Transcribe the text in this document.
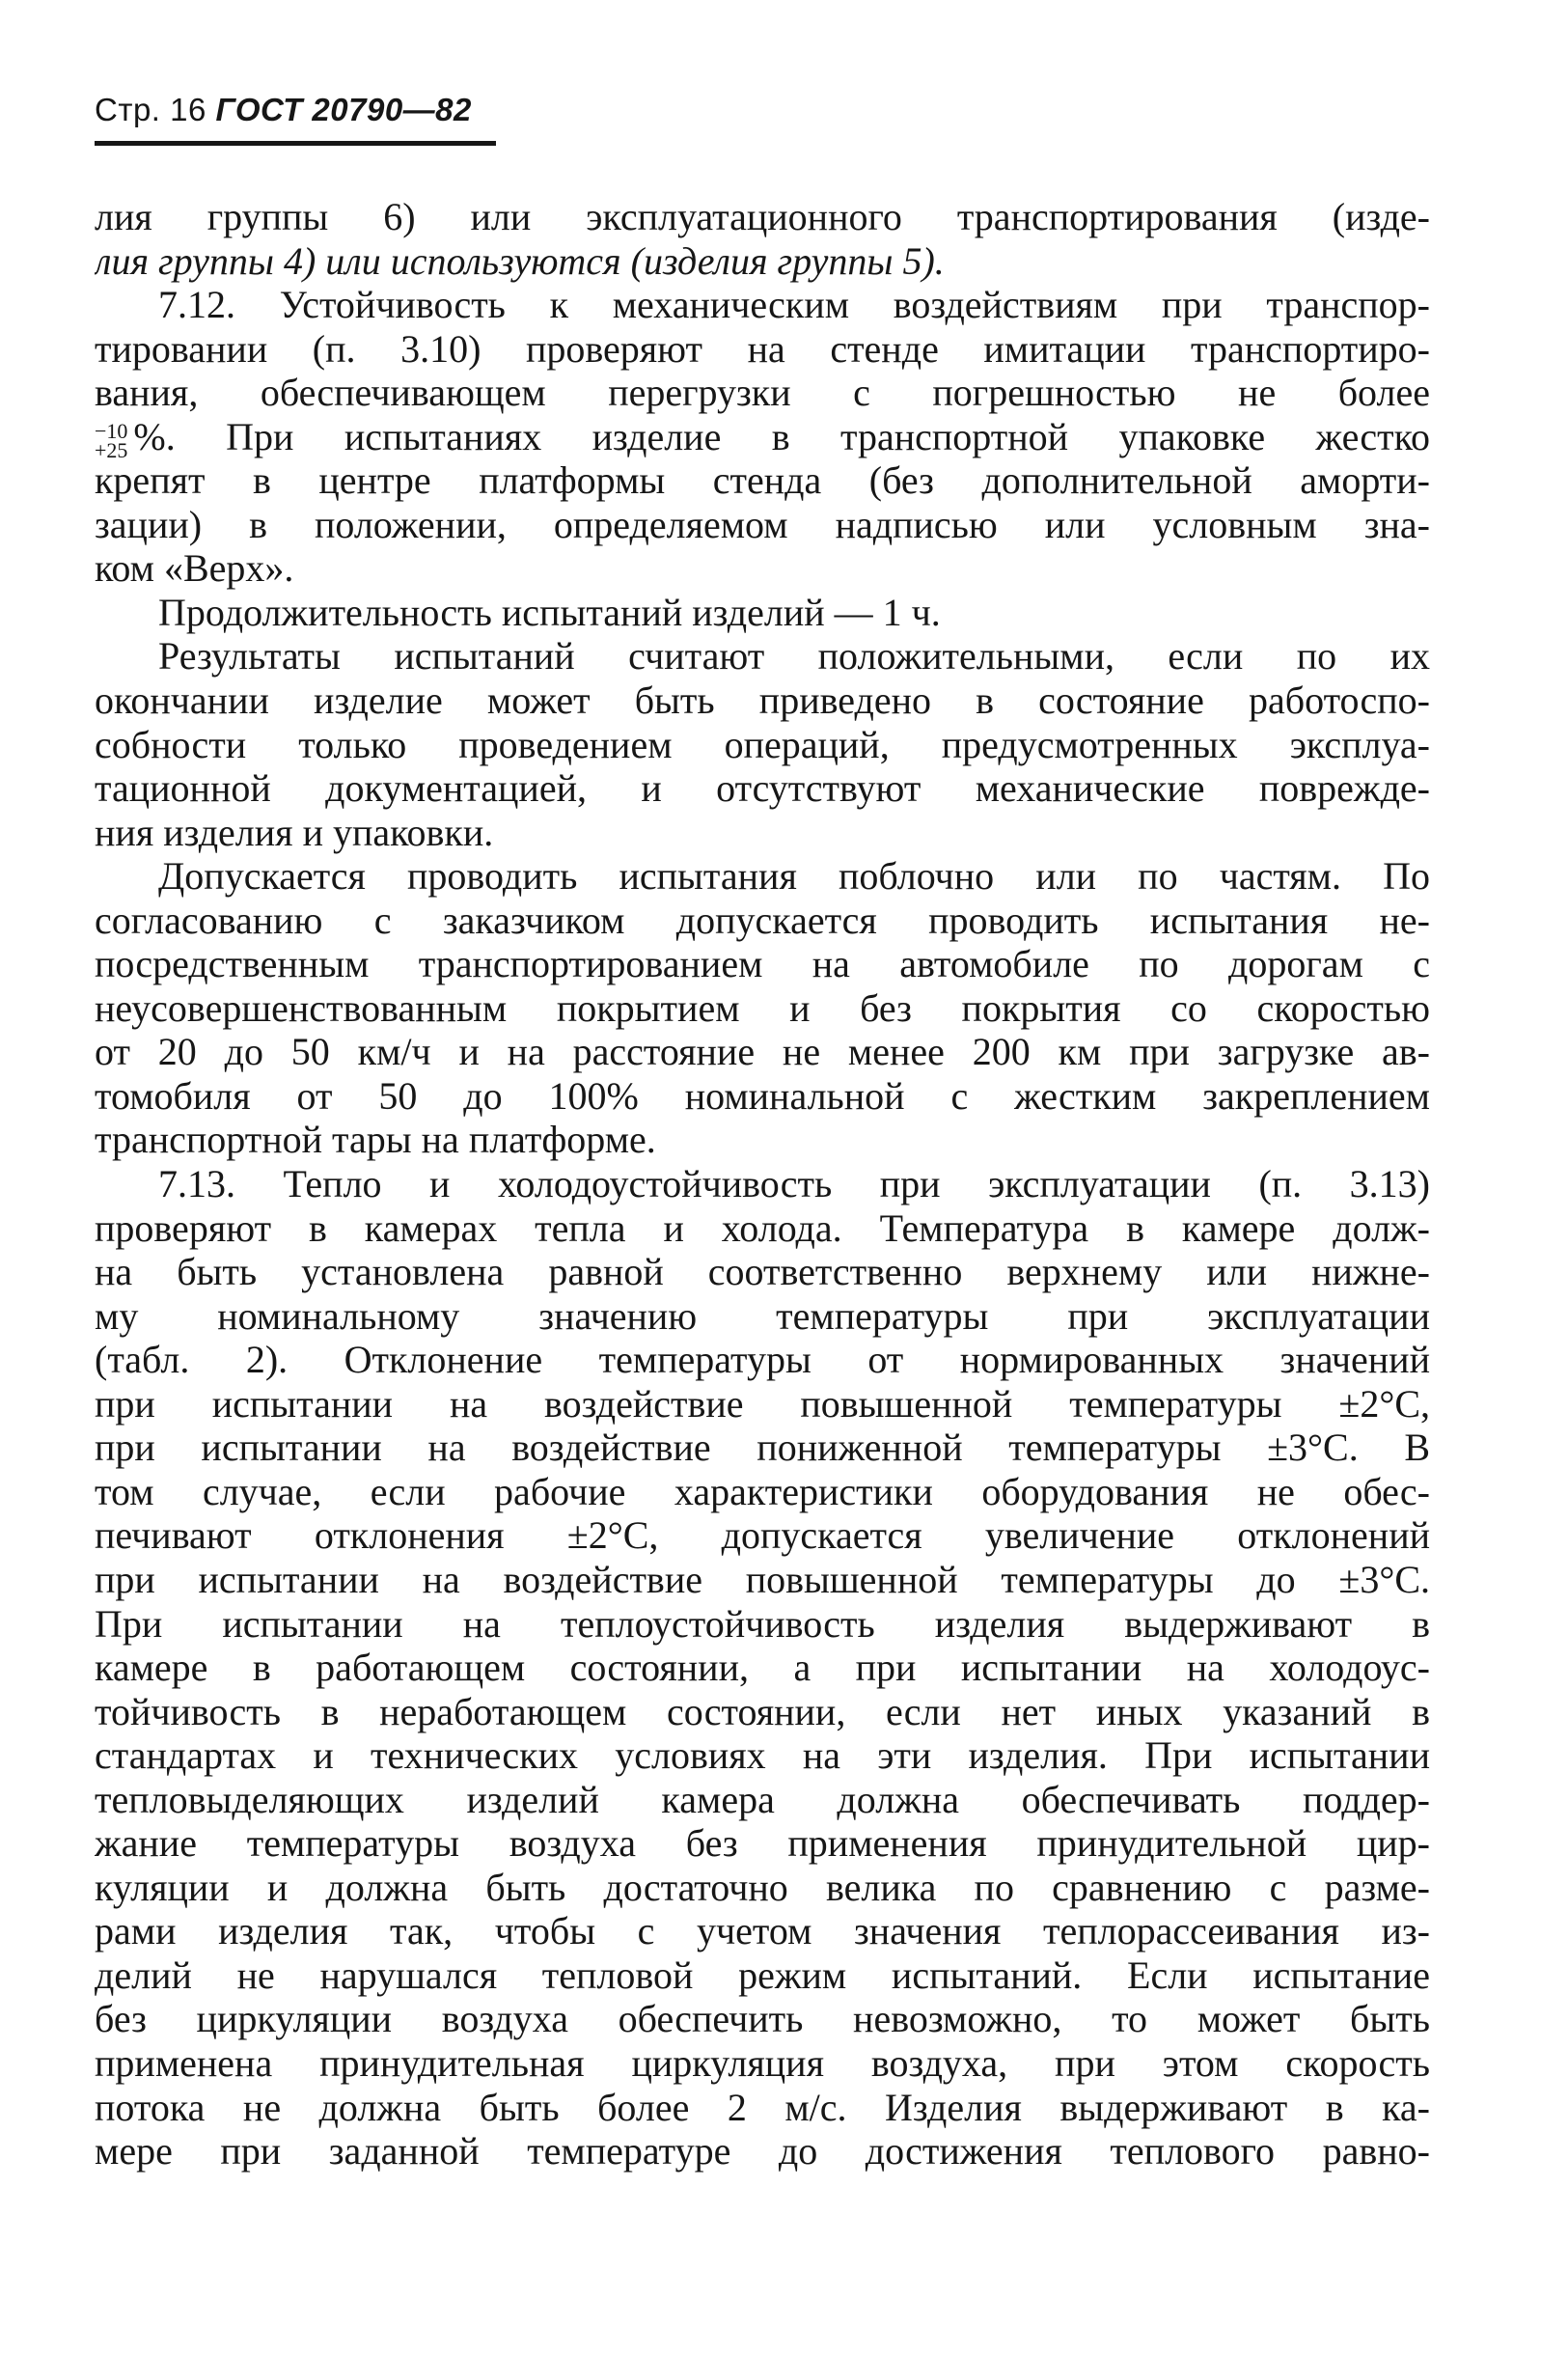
Стр. 16 ГОСТ 20790—82
лия группы 6) или эксплуатационного транспортирования (изде-
лия группы 4) или используются (изделия группы 5).
7.12. Устойчивость к механическим воздействиям при транспор-
тировании (п. 3.10) проверяют на стенде имитации транспортиро-
вания, обеспечивающем перегрузки с погрешностью не более
−10
+25 %. При испытаниях изделие в транспортной упаковке жестко
крепят в центре платформы стенда (без дополнительной аморти-
зации) в положении, определяемом надписью или условным зна-
ком «Верх».
Продолжительность испытаний изделий — 1 ч.
Результаты испытаний считают положительными, если по их
окончании изделие может быть приведено в состояние работоспо-
собности только проведением операций, предусмотренных эксплуа-
тационной документацией, и отсутствуют механические поврежде-
ния изделия и упаковки.
Допускается проводить испытания поблочно или по частям. По
согласованию с заказчиком допускается проводить испытания не-
посредственным транспортированием на автомобиле по дорогам с
неусовершенствованным покрытием и без покрытия со скоростью
от 20 до 50 км/ч и на расстояние не менее 200 км при загрузке ав-
томобиля от 50 до 100% номинальной с жестким закреплением
транспортной тары на платформе.
7.13. Тепло и холодоустойчивость при эксплуатации (п. 3.13)
проверяют в камерах тепла и холода. Температура в камере долж-
на быть установлена равной соответственно верхнему или нижне-
му номинальному значению температуры при эксплуатации
(табл. 2). Отклонение температуры от нормированных значений
при испытании на воздействие повышенной температуры ±2°С,
при испытании на воздействие пониженной температуры ±3°С. В
том случае, если рабочие характеристики оборудования не обес-
печивают отклонения ±2°С, допускается увеличение отклонений
при испытании на воздействие повышенной температуры до ±3°С.
При испытании на теплоустойчивость изделия выдерживают в
камере в работающем состоянии, а при испытании на холодоус-
тойчивость в неработающем состоянии, если нет иных указаний в
стандартах и технических условиях на эти изделия. При испытании
тепловыделяющих изделий камера должна обеспечивать поддер-
жание температуры воздуха без применения принудительной цир-
куляции и должна быть достаточно велика по сравнению с разме-
рами изделия так, чтобы с учетом значения теплорассеивания из-
делий не нарушался тепловой режим испытаний. Если испытание
без циркуляции воздуха обеспечить невозможно, то может быть
применена принудительная циркуляция воздуха, при этом скорость
потока не должна быть более 2 м/с. Изделия выдерживают в ка-
мере при заданной температуре до достижения теплового равно-
